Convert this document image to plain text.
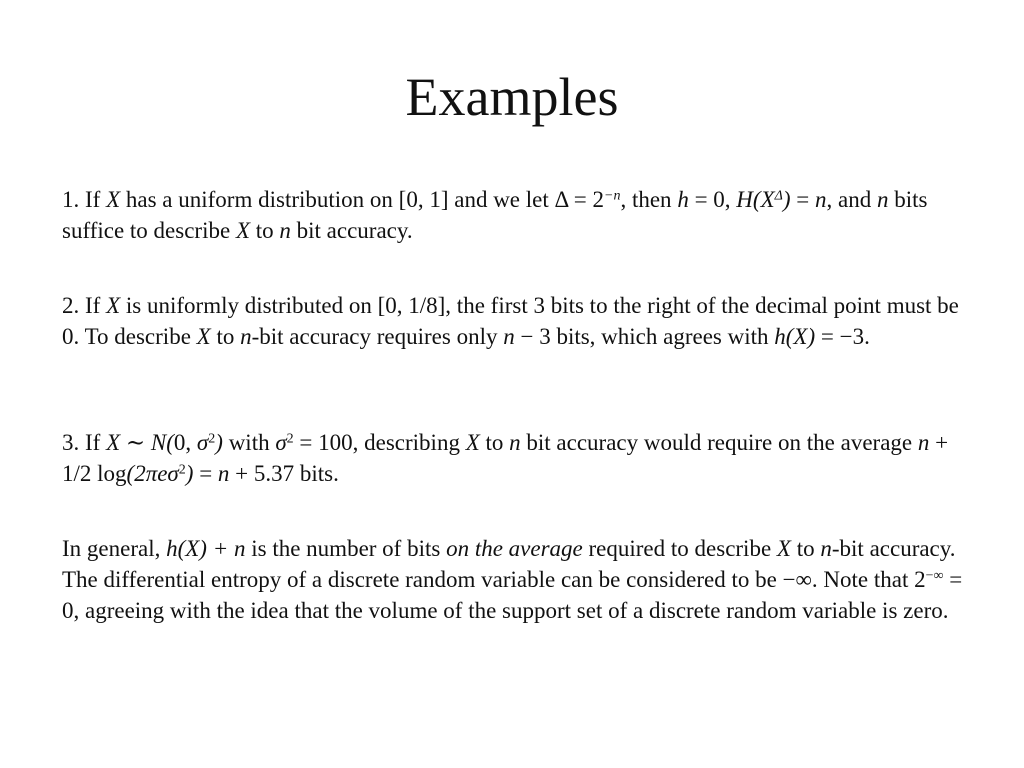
Examples
1. If X has a uniform distribution on [0, 1] and we let $\Delta = 2^{-n}$, then h = 0, $H(X^\Delta) = n$, and n bits suffice to describe X to n bit accuracy.
2. If X is uniformly distributed on [0, 1/8], the first 3 bits to the right of the decimal point must be 0. To describe X to n-bit accuracy requires only n − 3 bits, which agrees with h(X) = −3.
3. If X ∼ N(0, $\sigma^2$) with $\sigma^2 = 100$, describing X to n bit accuracy would require on the average n + 1/2 log(2πeσ$^2$) = n + 5.37 bits.
In general, h(X) + n is the number of bits on the average required to describe X to n-bit accuracy. The differential entropy of a discrete random variable can be considered to be −∞. Note that 2−∞ = 0, agreeing with the idea that the volume of the support set of a discrete random variable is zero.
